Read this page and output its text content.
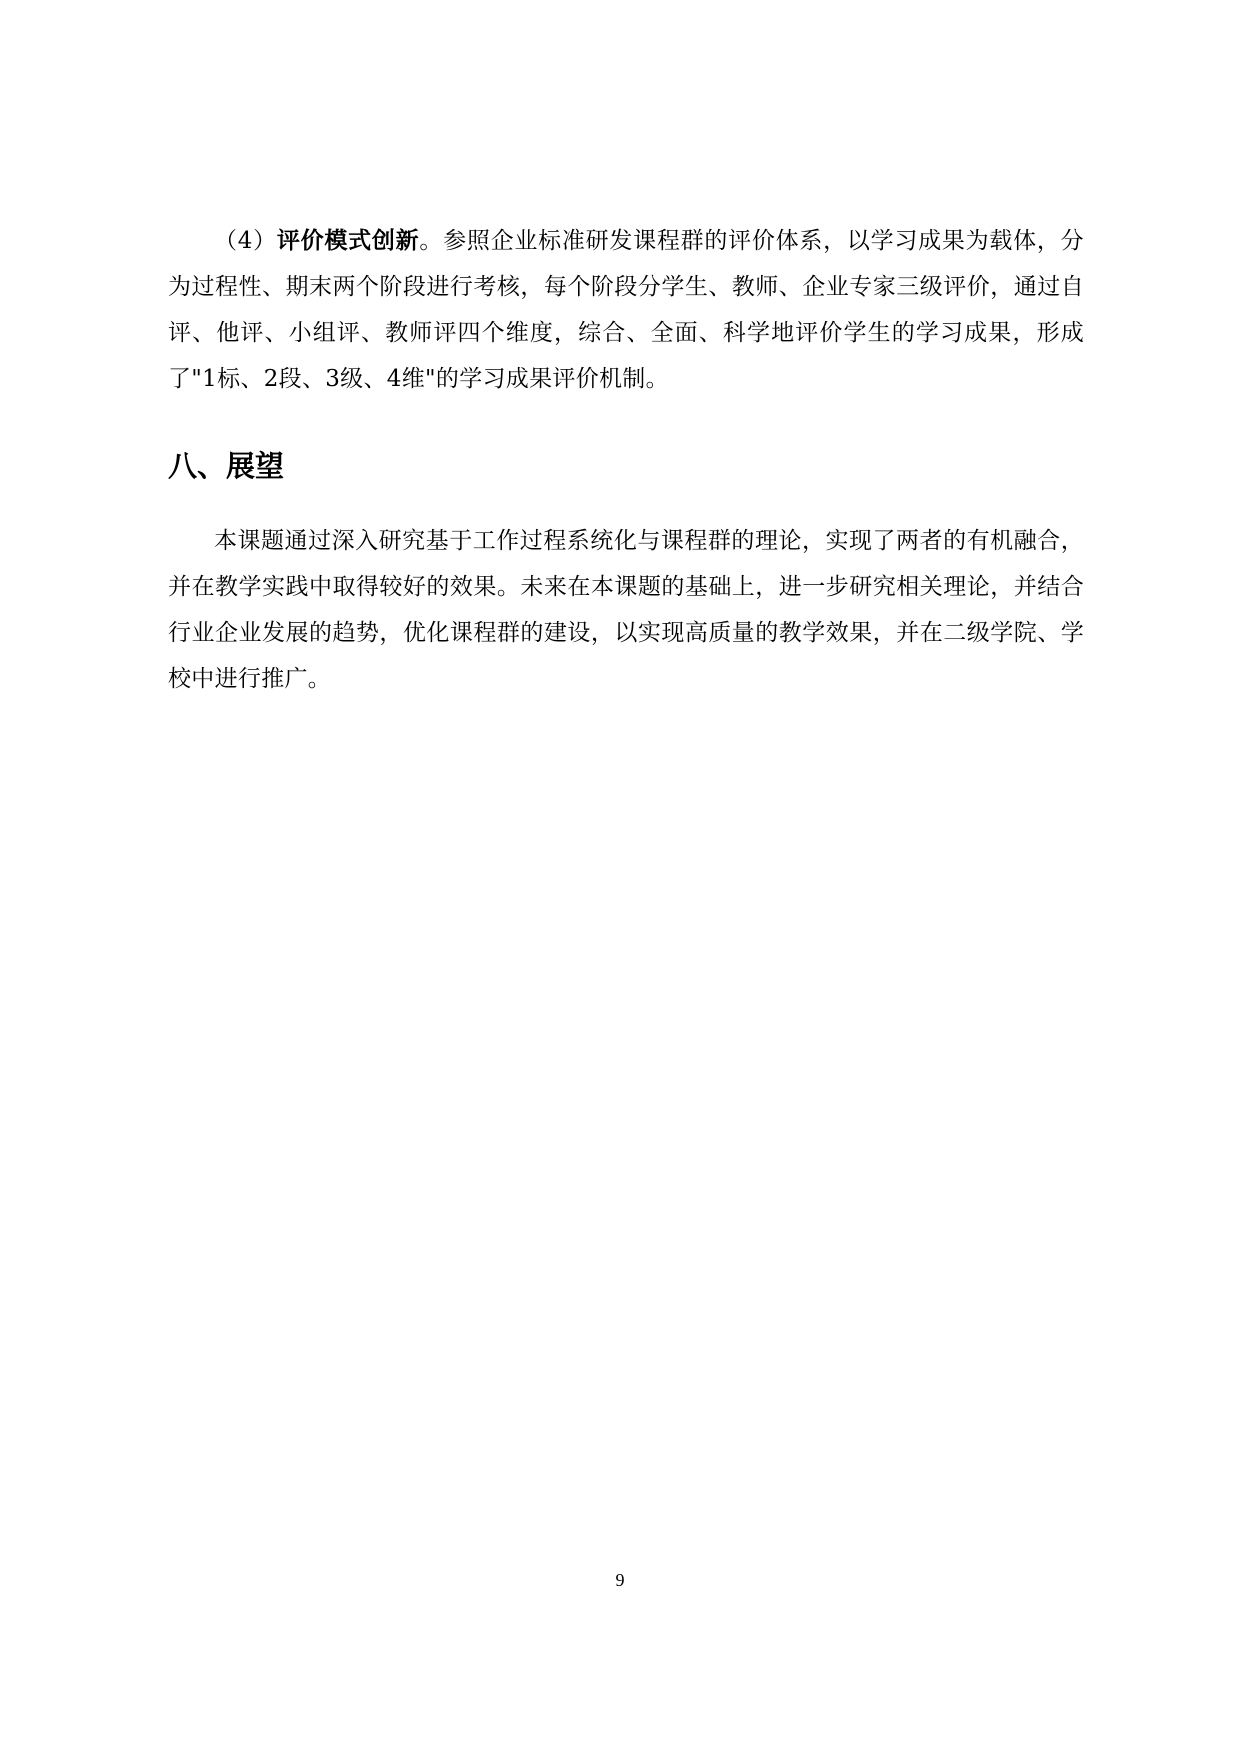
（4）评价模式创新。参照企业标准研发课程群的评价体系，以学习成果为载体，分为过程性、期末两个阶段进行考核，每个阶段分学生、教师、企业专家三级评价，通过自评、他评、小组评、教师评四个维度，综合、全面、科学地评价学生的学习成果，形成了"1标、2段、3级、4维"的学习成果评价机制。

八、展望

本课题通过深入研究基于工作过程系统化与课程群的理论，实现了两者的有机融合，并在教学实践中取得较好的效果。未来在本课题的基础上，进一步研究相关理论，并结合行业企业发展的趋势，优化课程群的建设，以实现高质量的教学效果，并在二级学院、学校中进行推广。

9
